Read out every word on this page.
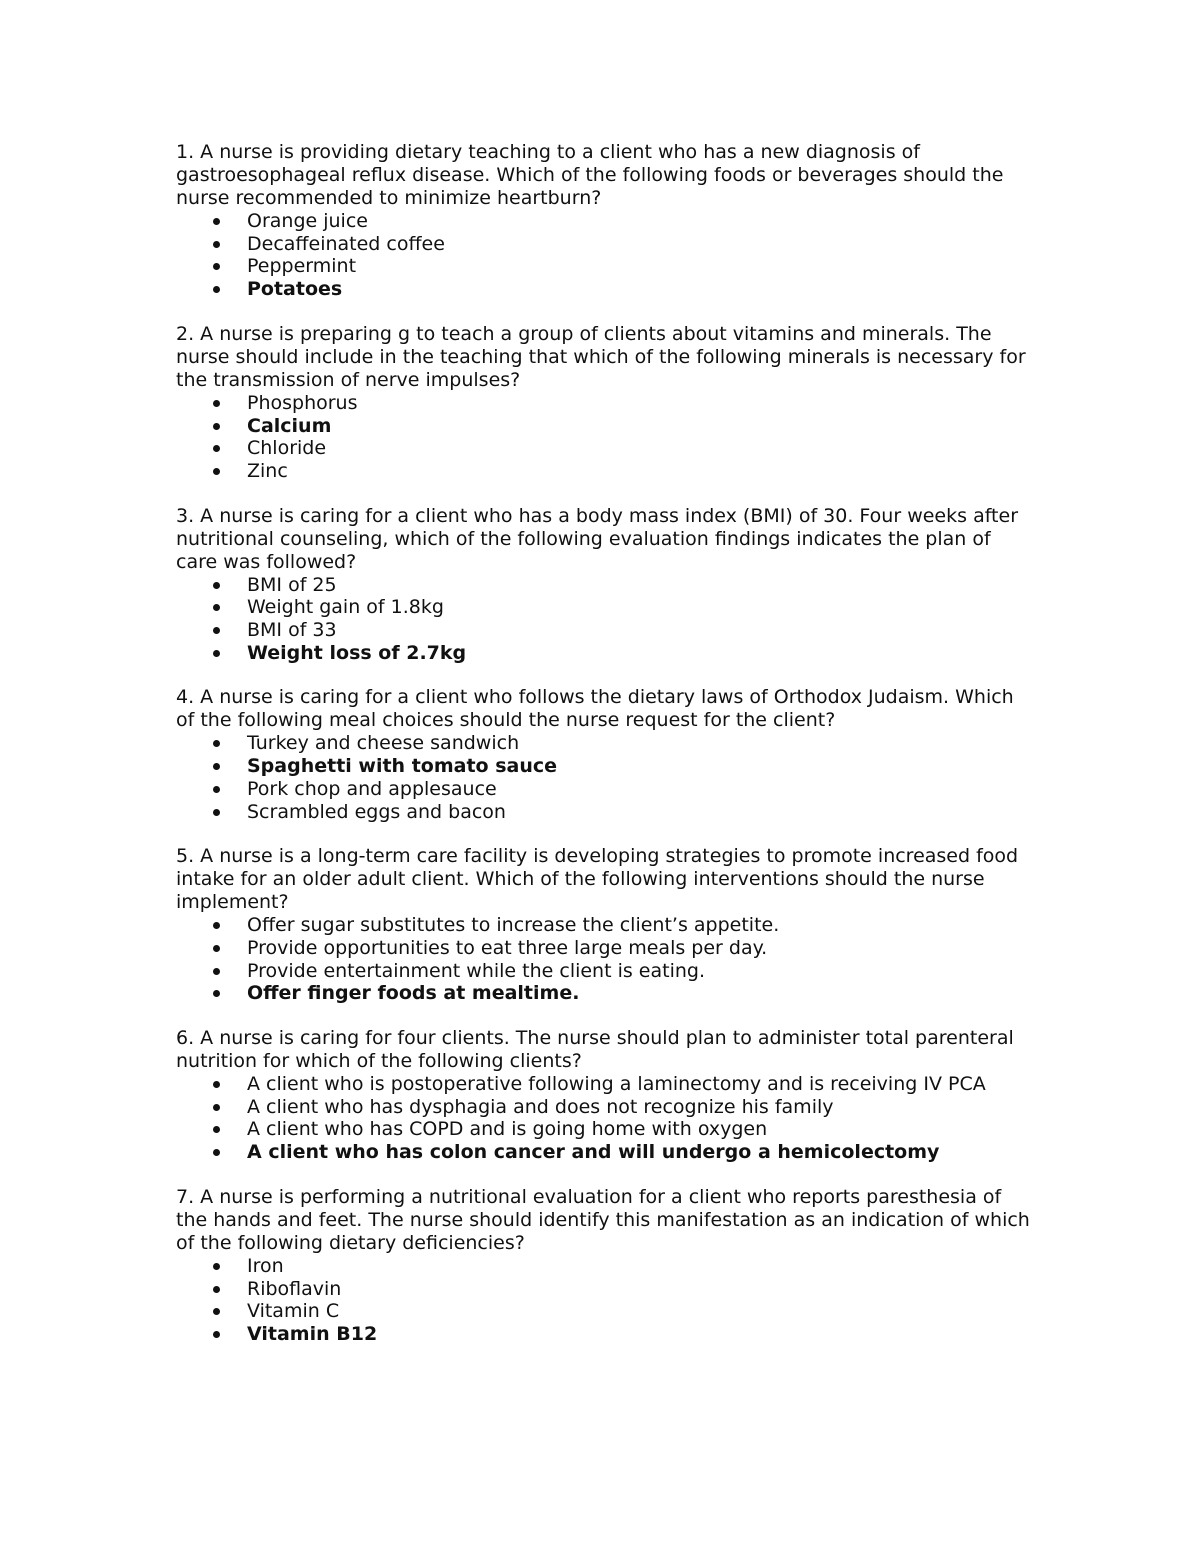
1. A nurse is providing dietary teaching to a client who has a new diagnosis of gastroesophageal reflux disease. Which of the following foods or beverages should the nurse recommended to minimize heartburn?

Orange juice
Decaffeinated coffee
Peppermint
Potatoes

2. A nurse is preparing g to teach a group of clients about vitamins and minerals. The nurse should include in the teaching that which of the following minerals is necessary for the transmission of nerve impulses?

Phosphorus
Calcium
Chloride
Zinc

3. A nurse is caring for a client who has a body mass index (BMI) of 30. Four weeks after nutritional counseling, which of the following evaluation findings indicates the plan of care was followed?

BMI of 25
Weight gain of 1.8kg
BMI of 33
Weight loss of 2.7kg

4. A nurse is caring for a client who follows the dietary laws of Orthodox Judaism. Which of the following meal choices should the nurse request for the client?

Turkey and cheese sandwich
Spaghetti with tomato sauce
Pork chop and applesauce
Scrambled eggs and bacon

5. A nurse is a long-term care facility is developing strategies to promote increased food intake for an older adult client. Which of the following interventions should the nurse implement?

Offer sugar substitutes to increase the client’s appetite.
Provide opportunities to eat three large meals per day.
Provide entertainment while the client is eating.
Offer finger foods at mealtime.

6. A nurse is caring for four clients. The nurse should plan to administer total parenteral nutrition for which of the following clients?

A client who is postoperative following a laminectomy and is receiving IV PCA
A client who has dysphagia and does not recognize his family
A client who has COPD and is going home with oxygen
A client who has colon cancer and will undergo a hemicolectomy

7. A nurse is performing a nutritional evaluation for a client who reports paresthesia of the hands and feet. The nurse should identify this manifestation as an indication of which of the following dietary deficiencies?

Iron
Riboflavin
Vitamin C
Vitamin B12
